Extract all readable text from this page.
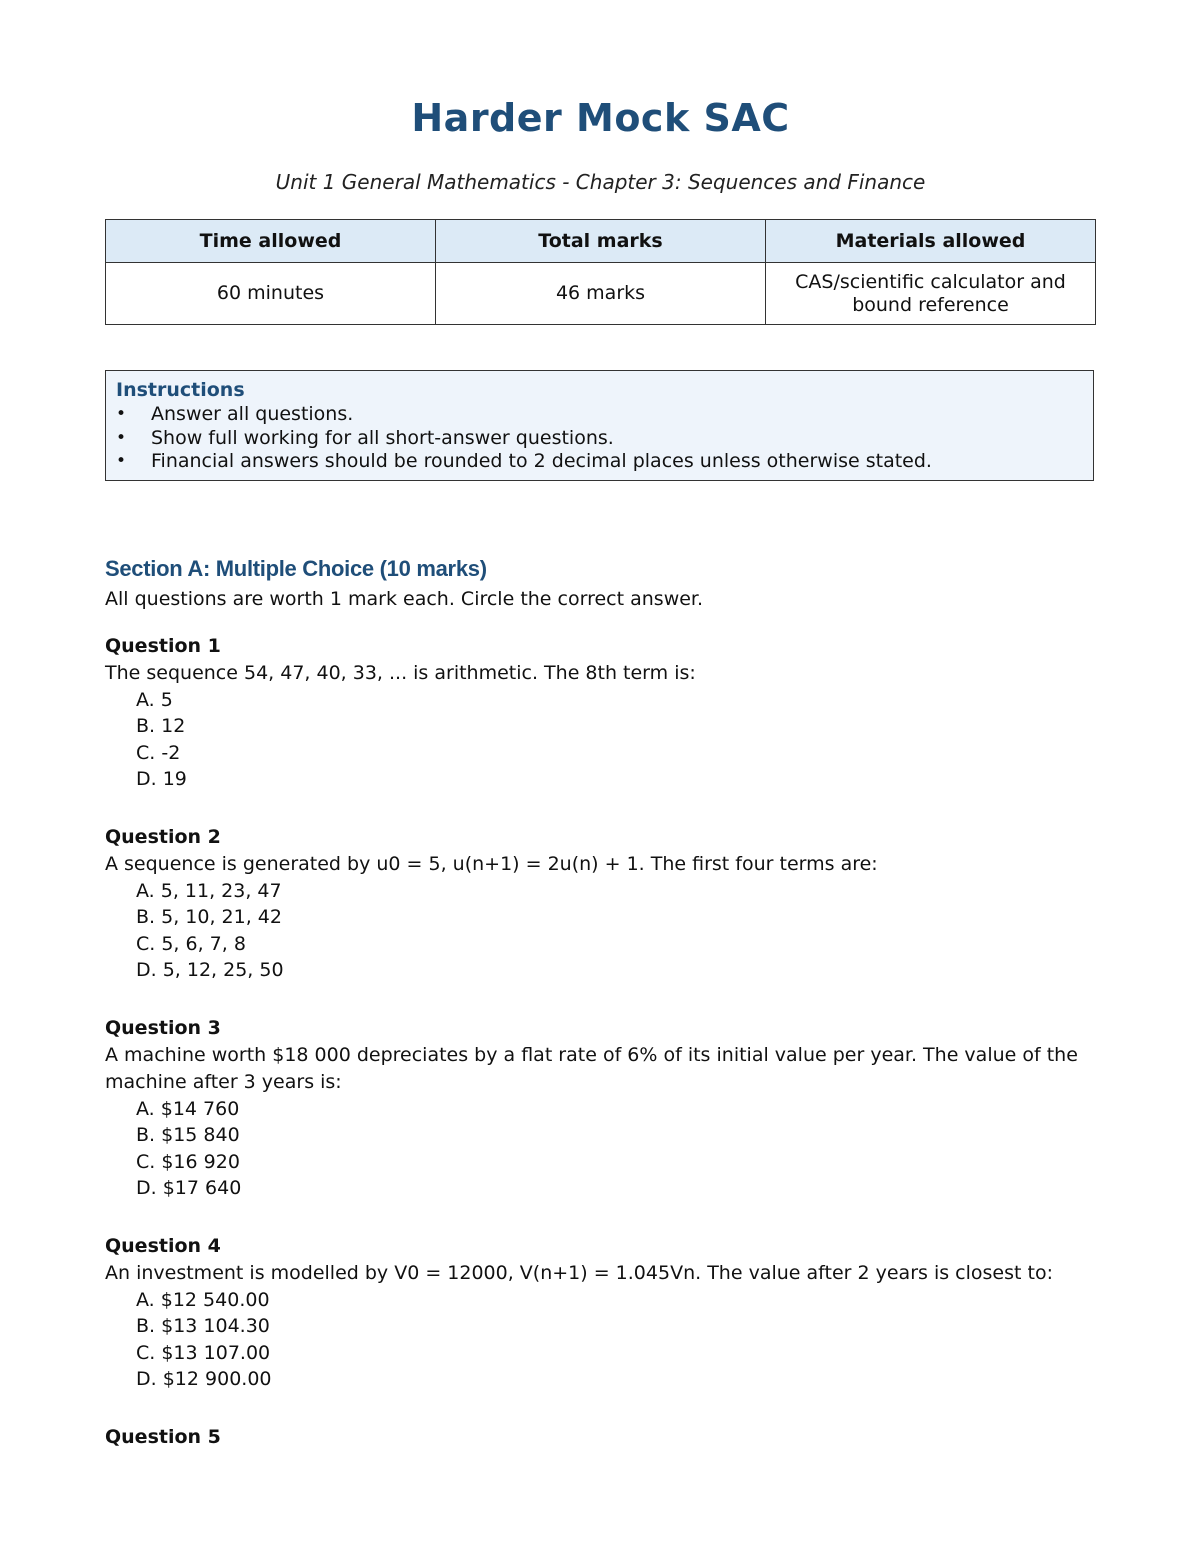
Harder Mock SAC
Unit 1 General Mathematics - Chapter 3: Sequences and Finance
Time allowed	Total marks	Materials allowed
60 minutes	46 marks	CAS/scientific calculator and bound reference
Instructions
• Answer all questions.
• Show full working for all short-answer questions.
• Financial answers should be rounded to 2 decimal places unless otherwise stated.
Section A: Multiple Choice (10 marks)
All questions are worth 1 mark each. Circle the correct answer.
Question 1
The sequence 54, 47, 40, 33, ... is arithmetic. The 8th term is:
A. 5
B. 12
C. -2
D. 19
Question 2
A sequence is generated by u0 = 5, u(n+1) = 2u(n) + 1. The first four terms are:
A. 5, 11, 23, 47
B. 5, 10, 21, 42
C. 5, 6, 7, 8
D. 5, 12, 25, 50
Question 3
A machine worth $18 000 depreciates by a flat rate of 6% of its initial value per year. The value of the machine after 3 years is:
A. $14 760
B. $15 840
C. $16 920
D. $17 640
Question 4
An investment is modelled by V0 = 12000, V(n+1) = 1.045Vn. The value after 2 years is closest to:
A. $12 540.00
B. $13 104.30
C. $13 107.00
D. $12 900.00
Question 5
